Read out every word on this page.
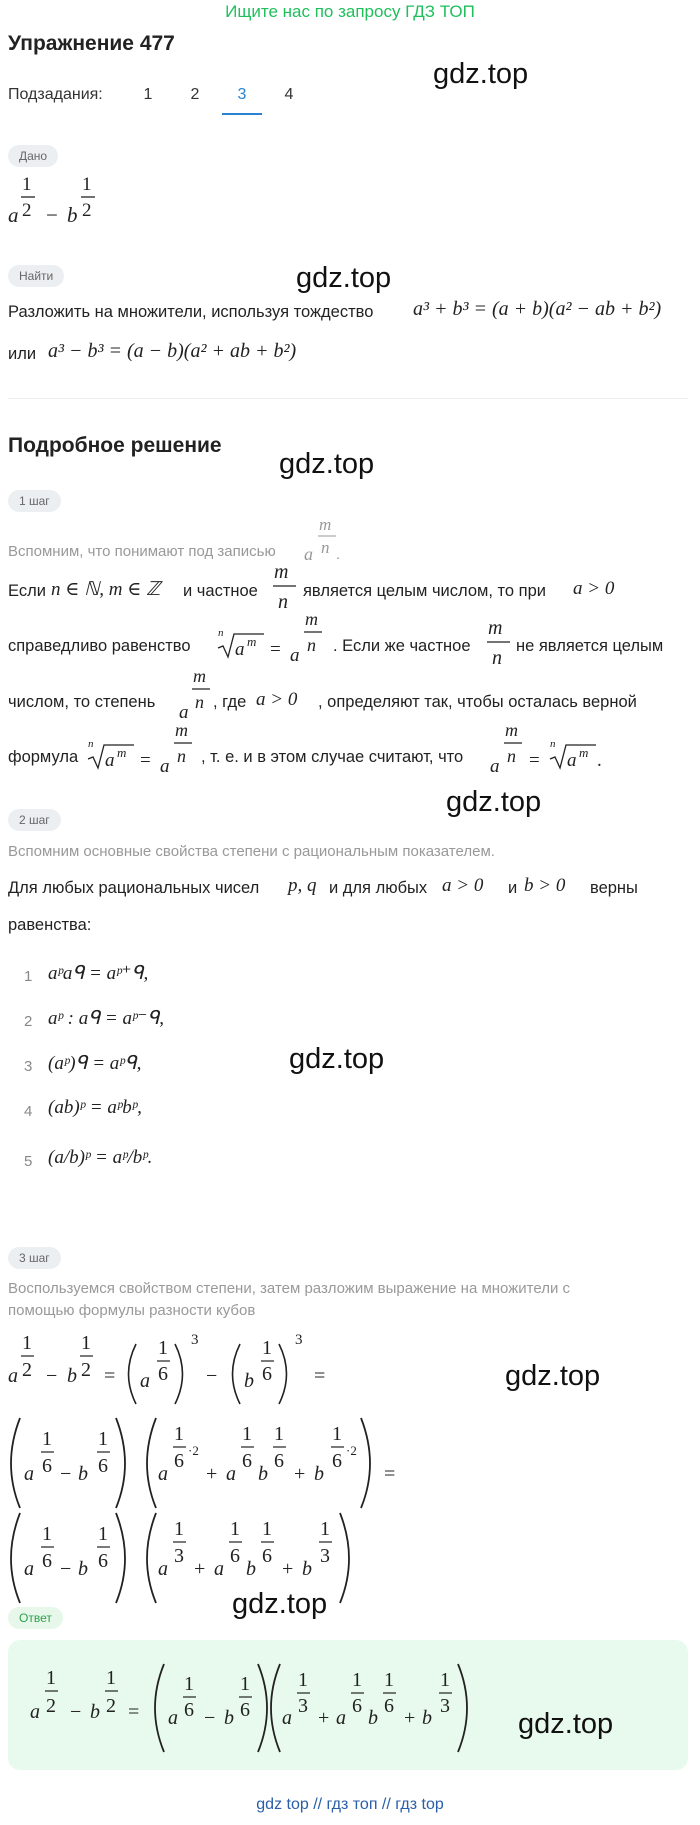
Ищите нас по запросу ГДЗ ТОП
Упражнение 477
gdz.top
Подзадания:	1	2	3	4
Дано
a
1
2 − b
1
2
Найти	gdz.top
Разложить на множители, используя тождество a³ + b³ = (a + b)(a² − ab + b²)
или a³ − b³ = (a − b)(a² + ab + b²)
Подробное решение
gdz.top
1 шаг
Вспомним, что понимают под записью a
m
n .
Если n ∈ ℕ, m ∈ ℤ и частное
m
n является целым числом, то при a > 0
справедливо равенство
n
a m = a
m
n . Если же частное
m
n
не является целым
числом, то степень a
m
n , где a > 0 , определяют так, чтобы осталась верной
формула
n
a m = a
m
n , т. е. и в этом случае считают, что a
m
n =
n
a m .
gdz.top
2 шаг
Вспомним основные свойства степени с рациональным показателем.
Для любых рациональных чисел p, q и для любых a > 0 и b > 0 верны
равенства:
1 aᵖaᑫ = aᵖ⁺ᑫ,
2 aᵖ : aᑫ = aᵖ⁻ᑫ,
3 (aᵖ)ᑫ = aᵖᑫ,
4 (ab)ᵖ = aᵖbᵖ,
5 (a/b)ᵖ = aᵖ/bᵖ.
gdz.top
3 шаг
Воспользуемся свойством степени, затем разложим выражение на множители с
помощью формулы разности кубов
gdz.top
a
1
2 − b
1
2 = a
1
6
3
− b
1
6
3
=
a
1
6 − b
1
6	a
1
6 ·2
+ a
1
6
b
1
6
+ b
1
6 ·2
=
a
1
6 − b
1
6	a
1
3
+ a
1
6
b
1
6
+ b
1
3
gdz.top
Ответ
a
1
2 − b
1
2 = a
1
6 − b
1
6 a
1
3
+ a
1
6
b
1
6
+ b
1
3
gdz.top
gdz top // гдз топ // гдз top
